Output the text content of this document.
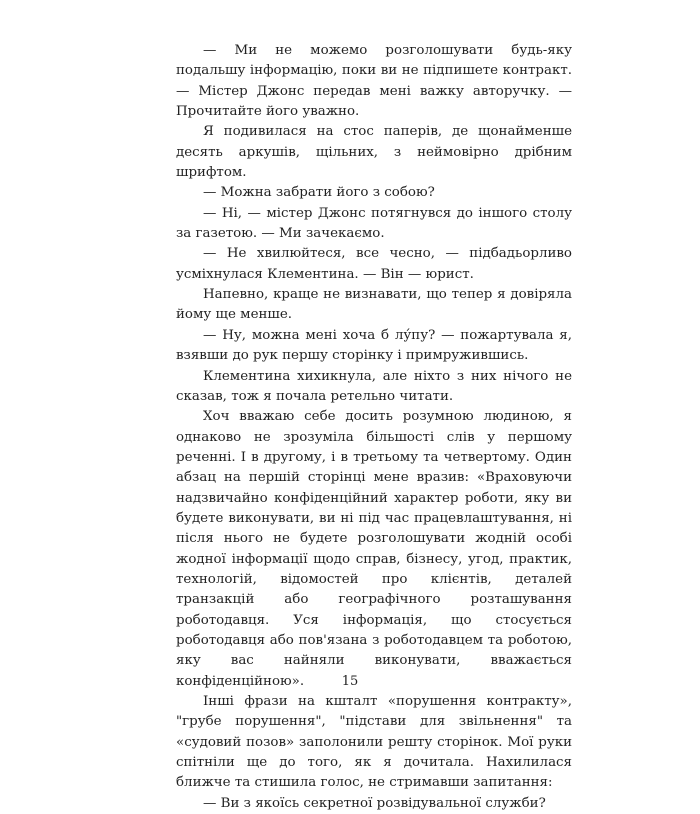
— Ми не можемо розголошувати будь-яку подальшу інформацію, поки ви не підпишете контракт. — Містер Джонс передав мені важку авторучку. — Прочитайте його уважно.

Я подивилася на стос паперів, де щонайменше десять аркушів, щільних, з неймовірно дрібним шрифтом.

— Можна забрати його з собою?

— Ні, — містер Джонс потягнувся до іншого столу за газетою. — Ми зачекаємо.

— Не хвилюйтеся, все чесно, — підбадьорливо усміхнулася Клементина. — Він — юрист.

Напевно, краще не визнавати, що тепер я довіряла йому ще менше.

— Ну, можна мені хоча б лу́пу? — пожартувала я, взявши до рук першу сторінку і примружившись.

Клементина хихикнула, але ніхто з них нічого не сказав, тож я почала ретельно читати.

Хоч вважаю себе досить розумною людиною, я однаково не зрозуміла більшості слів у першому реченні. І в другому, і в третьому та четвертому. Один абзац на першій сторінці мене вразив: «Враховуючи надзвичайно конфіденційний характер роботи, яку ви будете виконувати, ви ні під час працевлаштування, ні після нього не будете розголошувати жодній особі жодної інформації щодо справ, бізнесу, угод, практик, технологій, відомостей про клієнтів, деталей транзакцій або географічного розташування роботодавця. Уся інформація, що стосується роботодавця або пов'язана з роботодавцем та роботою, яку вас найняли виконувати, вважається конфіденційною».

Інші фрази на кшталт «порушення контракту», "грубе порушення", "підстави для звільнення" та «судовий позов» заполонили решту сторінок. Мої руки спітніли ще до того, як я дочитала. Нахилилася ближче та стишила голос, не стримавши запитання:

— Ви з якоїсь секретної розвідувальної служби?

15
